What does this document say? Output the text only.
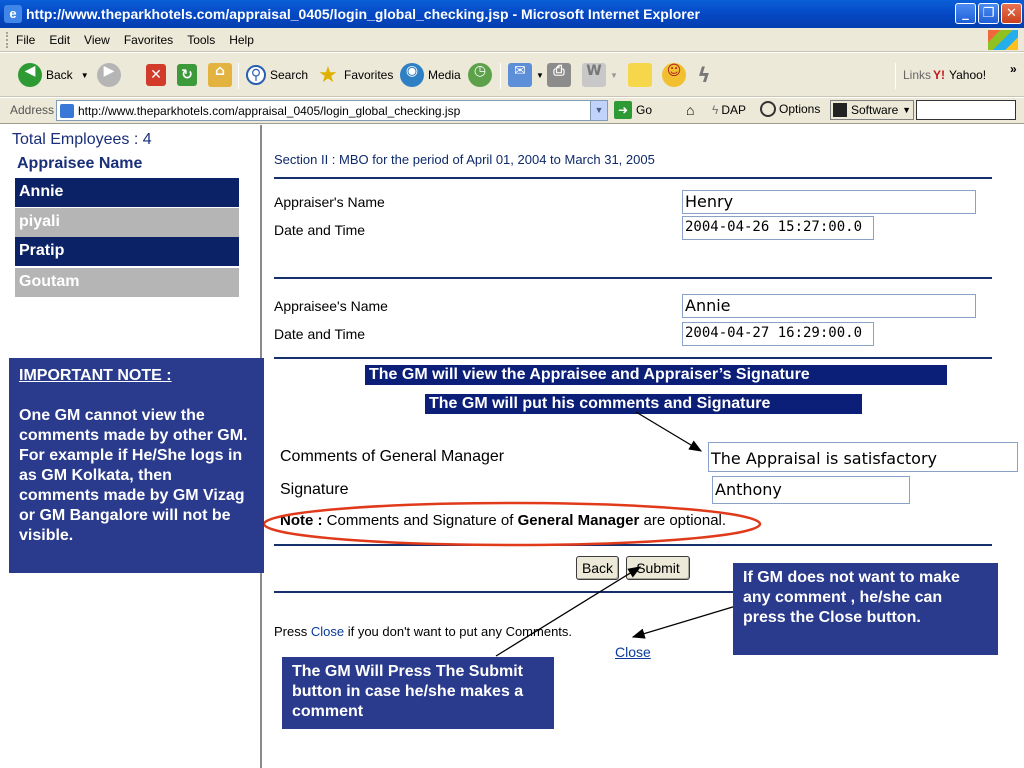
e http://www.theparkhotels.com/appraisal_0405/login_global_checking.jsp - Microsoft Internet Explorer	_	❐ ✕
File Edit View Favorites Tools Help
◀ Back ▼	▶	✕ ↻	⌂	⚲ Search ★ Favorites ◉ Media ◷	✉	▼ ⎙	W	▼	☺ ϟ	Links Y! Yahoo! »
Address http://www.theparkhotels.com/appraisal_0405/login_global_checking.jsp	▼	➜ Go ⌂ ϟ DAP	Options	Software ▼
Total Employees : 4
Appraisee Name
Annie
piyali
Pratip
Goutam
Section II : MBO for the period of April 01, 2004 to March 31, 2005
Appraiser's Name	Henry
Date and Time	2004-04-26 15:27:00.0
Appraisee's Name	Annie
Date and Time	2004-04-27 16:29:00.0
The GM will view the Appraisee and Appraiser’s Signature
The GM will put his comments and Signature
Comments of General Manager	The Appraisal is satisfactory
Signature	Anthony
Note : Comments and Signature of General Manager are optional.
Back	Submit
Press Close if you don't want to put any Comments.
Close
IMPORTANT NOTE :
One GM cannot view the comments made by other GM. For example if He/She logs in as GM Kolkata, then comments made by GM Vizag or GM Bangalore will not be visible.
If GM does not want to make any comment , he/she can press the Close button.
The GM Will Press The Submit button in case he/she makes a comment
